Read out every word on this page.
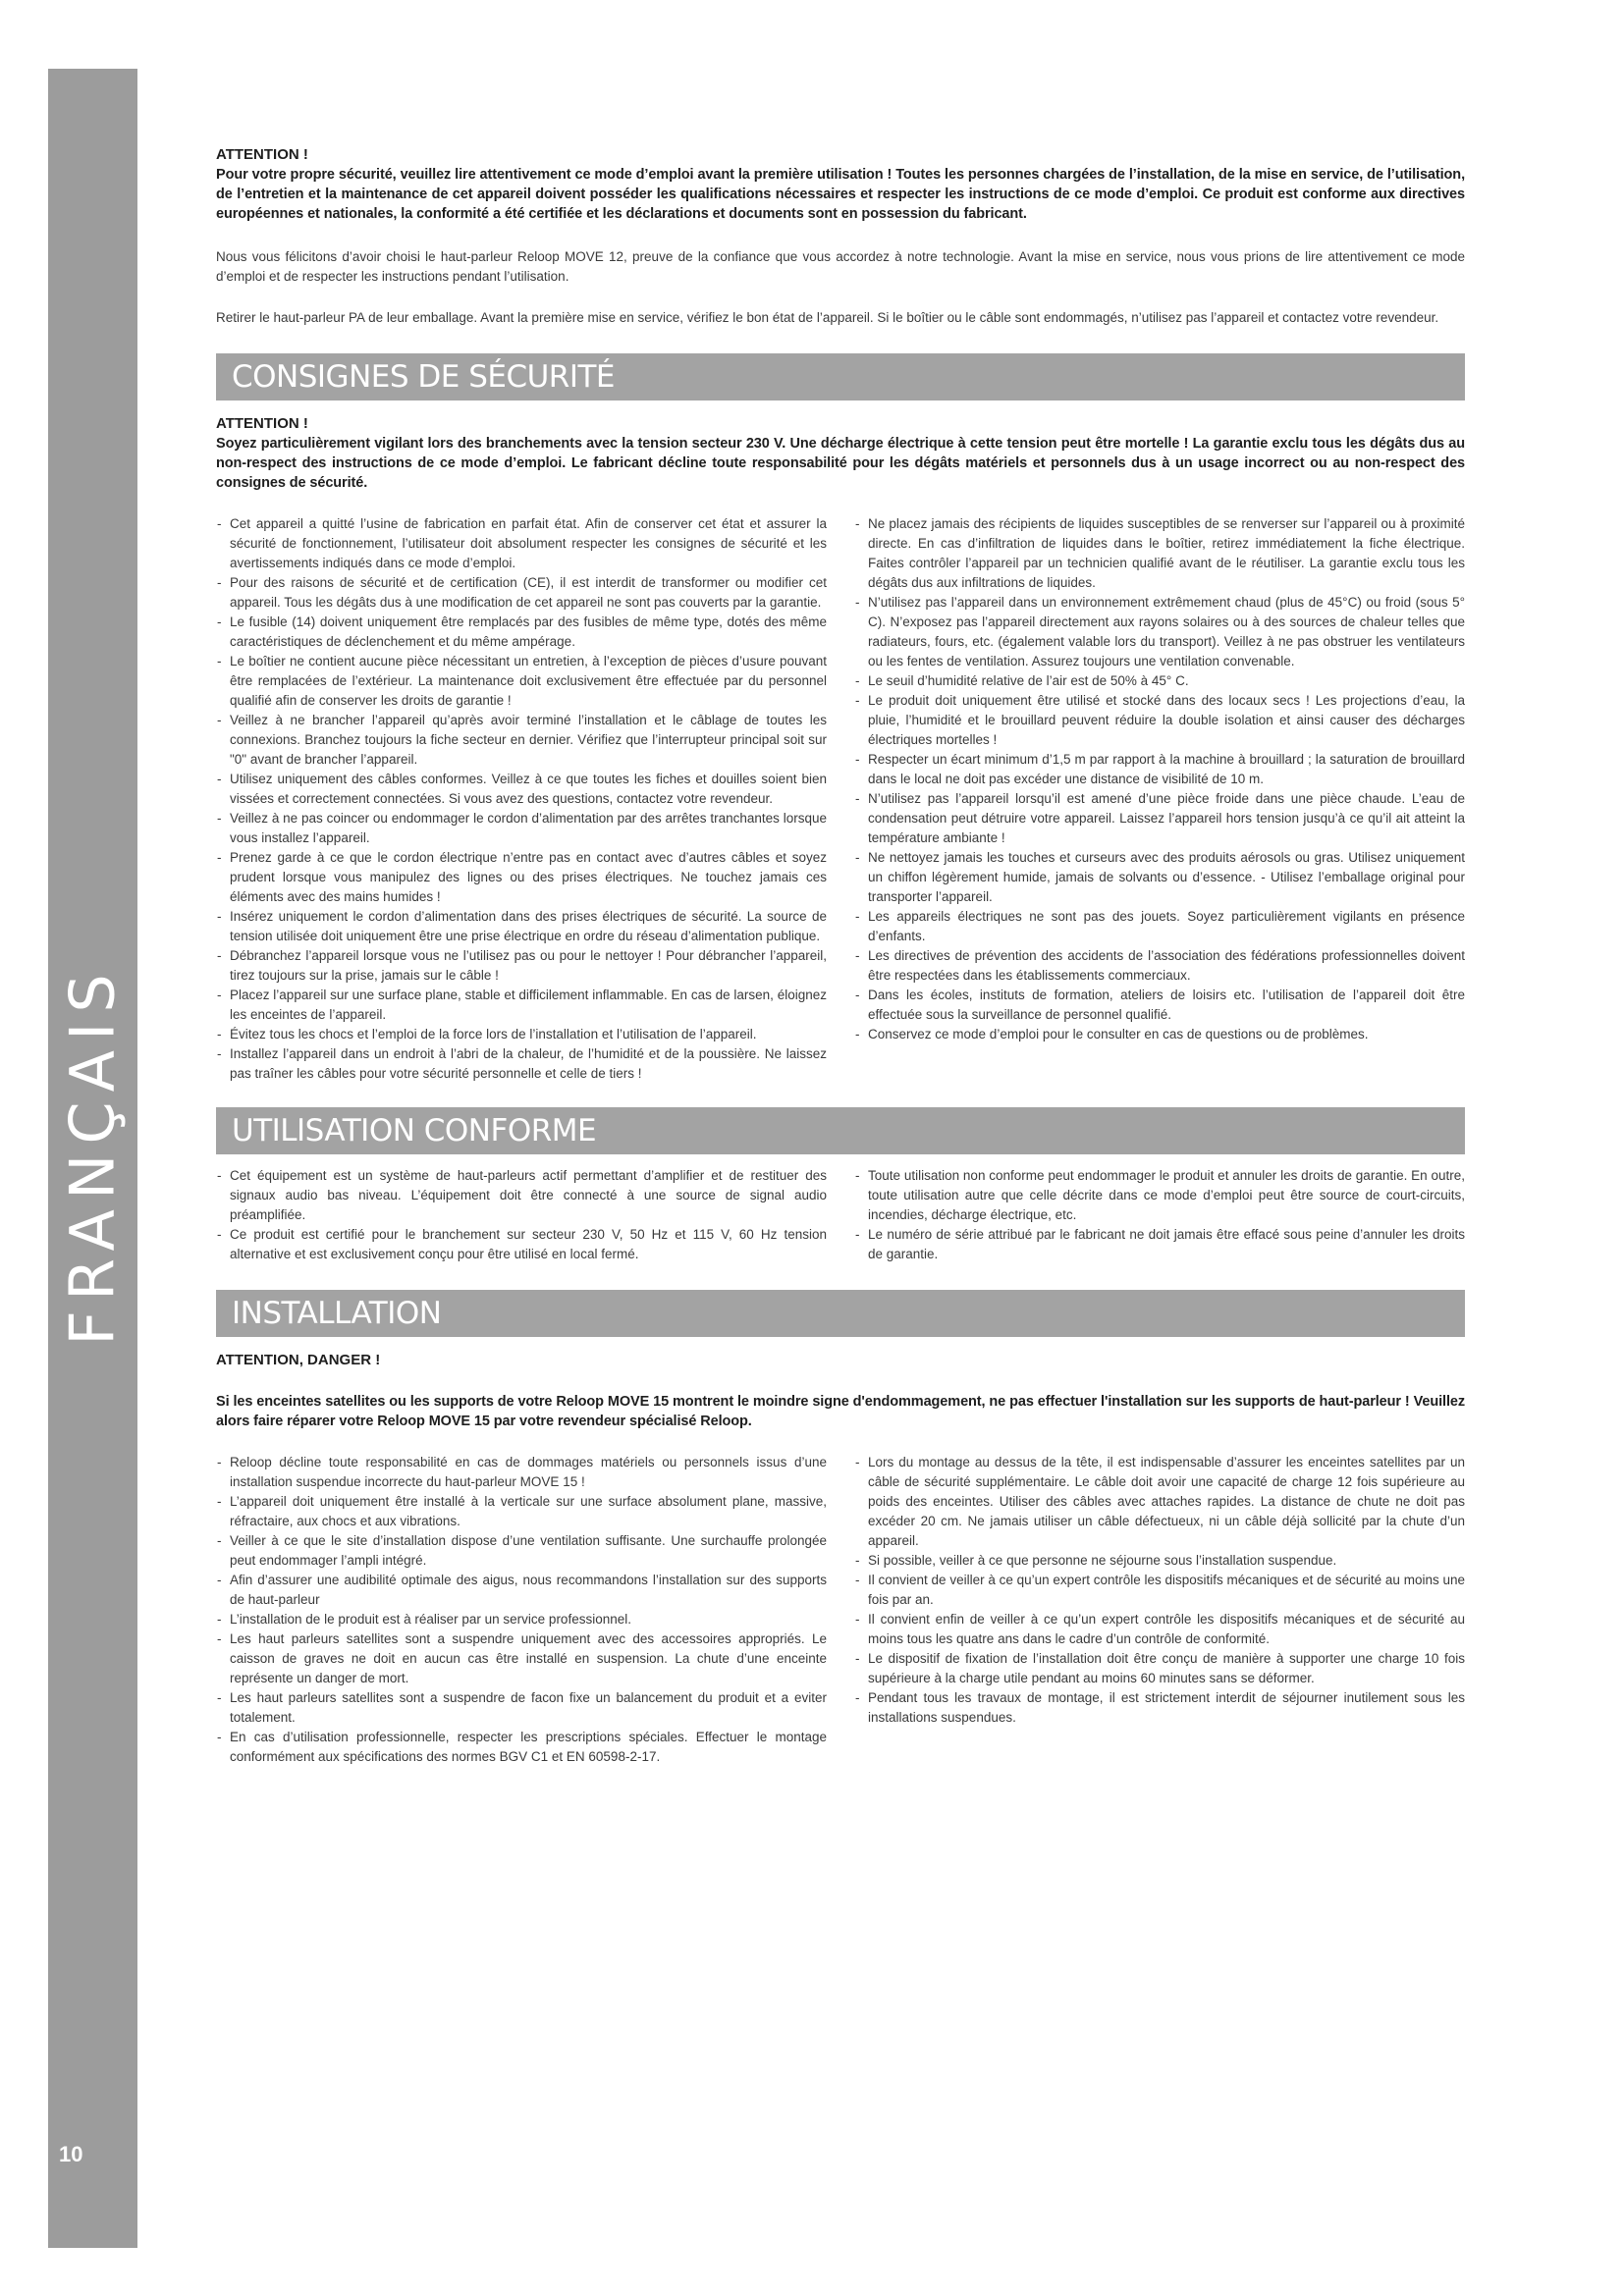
FRANÇAIS
10

ATTENTION !

Pour votre propre sécurité, veuillez lire attentivement ce mode d’emploi avant la première utilisation ! Toutes les personnes chargées de l’installation, de la mise en service, de l’utilisation, de l’entretien et la maintenance de cet appareil doivent posséder les qualifications nécessaires et respecter les instructions de ce mode d’emploi. Ce produit est conforme aux directives européennes et nationales, la conformité a été certifiée et les déclarations et documents sont en possession du fabricant.

Nous vous félicitons d’avoir choisi le haut-parleur Reloop MOVE 12, preuve de la confiance que vous accordez à notre technologie. Avant la mise en service, nous vous prions de lire attentivement ce mode d’emploi et de respecter les instructions pendant l’utilisation.

Retirer le haut-parleur PA de leur emballage. Avant la première mise en service, vérifiez le bon état de l’appareil. Si le boîtier ou le câble sont endommagés, n’utilisez pas l’appareil et contactez votre revendeur.

CONSIGNES DE SÉCURITÉ

ATTENTION !

Soyez particulièrement vigilant lors des branchements avec la tension secteur 230 V. Une décharge électrique à cette tension peut être mortelle ! La garantie exclu tous les dégâts dus au non-respect des instructions de ce mode d’emploi. Le fabricant décline toute responsabilité pour les dégâts matériels et personnels dus à un usage incorrect ou au non-respect des consignes de sécurité.

- Cet appareil a quitté l’usine de fabrication en parfait état. Afin de conserver cet état et assurer la sécurité de fonctionnement, l’utilisateur doit absolument respecter les consignes de sécurité et les avertissements indiqués dans ce mode d’emploi.
- Pour des raisons de sécurité et de certification (CE), il est interdit de transformer ou modifier cet appareil. Tous les dégâts dus à une modification de cet appareil ne sont pas couverts par la garantie.
- Le fusible (14) doivent uniquement être remplacés par des fusibles de même type, dotés des même caractéristiques de déclenchement et du même ampérage.
- Le boîtier ne contient aucune pièce nécessitant un entretien, à l’exception de pièces d’usure pouvant être remplacées de l’extérieur. La maintenance doit exclusivement être effectuée par du personnel qualifié afin de conserver les droits de garantie !
- Veillez à ne brancher l’appareil qu’après avoir terminé l’installation et le câblage de toutes les connexions. Branchez toujours la fiche secteur en dernier. Vérifiez que l’interrupteur principal soit sur "0" avant de brancher l’appareil.
- Utilisez uniquement des câbles conformes. Veillez à ce que toutes les fiches et douilles soient bien vissées et correctement connectées. Si vous avez des questions, contactez votre revendeur.
- Veillez à ne pas coincer ou endommager le cordon d’alimentation par des arrêtes tranchantes lorsque vous installez l’appareil.
- Prenez garde à ce que le cordon électrique n’entre pas en contact avec d’autres câbles et soyez prudent lorsque vous manipulez des lignes ou des prises électriques. Ne touchez jamais ces éléments avec des mains humides !
- Insérez uniquement le cordon d’alimentation dans des prises électriques de sécurité. La source de tension utilisée doit uniquement être une prise électrique en ordre du réseau d’alimentation publique.
- Débranchez l’appareil lorsque vous ne l’utilisez pas ou pour le nettoyer ! Pour débrancher l’appareil, tirez toujours sur la prise, jamais sur le câble !
- Placez l’appareil sur une surface plane, stable et difficilement inflammable. En cas de larsen, éloignez les enceintes de l’appareil.
- Évitez tous les chocs et l’emploi de la force lors de l’installation et l’utilisation de l’appareil.
- Installez l’appareil dans un endroit à l’abri de la chaleur, de l’humidité et de la poussière. Ne laissez pas traîner les câbles pour votre sécurité personnelle et celle de tiers !
- Ne placez jamais des récipients de liquides susceptibles de se renverser sur l’appareil ou à proximité directe. En cas d’infiltration de liquides dans le boîtier, retirez immédiatement la fiche électrique. Faites contrôler l’appareil par un technicien qualifié avant de le réutiliser. La garantie exclu tous les dégâts dus aux infiltrations de liquides.
- N’utilisez pas l’appareil dans un environnement extrêmement chaud (plus de 45°C) ou froid (sous 5° C). N’exposez pas l’appareil directement aux rayons solaires ou à des sources de chaleur telles que radiateurs, fours, etc. (également valable lors du transport). Veillez à ne pas obstruer les ventilateurs ou les fentes de ventilation. Assurez toujours une ventilation convenable.
- Le seuil d’humidité relative de l’air est de 50% à 45° C.
- Le produit doit uniquement être utilisé et stocké dans des locaux secs ! Les projections d’eau, la pluie, l’humidité et le brouillard peuvent réduire la double isolation et ainsi causer des décharges électriques mortelles !
- Respecter un écart minimum d’1,5 m par rapport à la machine à brouillard ; la saturation de brouillard dans le local ne doit pas excéder une distance de visibilité de 10 m.
- N’utilisez pas l’appareil lorsqu’il est amené d’une pièce froide dans une pièce chaude. L’eau de condensation peut détruire votre appareil. Laissez l’appareil hors tension jusqu’à ce qu’il ait atteint la température ambiante !
- Ne nettoyez jamais les touches et curseurs avec des produits aérosols ou gras. Utilisez uniquement un chiffon légèrement humide, jamais de solvants ou d’essence. - Utilisez l’emballage original pour transporter l’appareil.
- Les appareils électriques ne sont pas des jouets. Soyez particulièrement vigilants en présence d’enfants.
- Les directives de prévention des accidents de l’association des fédérations professionnelles doivent être respectées dans les établissements commerciaux.
- Dans les écoles, instituts de formation, ateliers de loisirs etc. l’utilisation de l’appareil doit être effectuée sous la surveillance de personnel qualifié.
- Conservez ce mode d’emploi pour le consulter en cas de questions ou de problèmes.
UTILISATION CONFORME
- Cet équipement est un système de haut-parleurs actif permettant d’amplifier et de restituer des signaux audio bas niveau. L’équipement doit être connecté à une source de signal audio préamplifiée.
- Ce produit est certifié pour le branchement sur secteur 230 V, 50 Hz et 115 V, 60 Hz tension alternative et est exclusivement conçu pour être utilisé en local fermé.
- Toute utilisation non conforme peut endommager le produit et annuler les droits de garantie. En outre, toute utilisation autre que celle décrite dans ce mode d’emploi peut être source de court-circuits, incendies, décharge électrique, etc.
- Le numéro de série attribué par le fabricant ne doit jamais être effacé sous peine d’annuler les droits de garantie.
INSTALLATION

ATTENTION, DANGER !

Si les enceintes satellites ou les supports de votre Reloop MOVE 15 montrent le moindre signe d'endommagement, ne pas effectuer l'installation sur les supports de haut-parleur ! Veuillez alors faire réparer votre Reloop MOVE 15 par votre revendeur spécialisé Reloop.

- Reloop décline toute responsabilité en cas de dommages matériels ou personnels issus d’une installation suspendue incorrecte du haut-parleur MOVE 15 !
- L’appareil doit uniquement être installé à la verticale sur une surface absolument plane, massive, réfractaire, aux chocs et aux vibrations.
- Veiller à ce que le site d’installation dispose d’une ventilation suffisante. Une surchauffe prolongée peut endommager l’ampli intégré.
- Afin d’assurer une audibilité optimale des aigus, nous recommandons l’installation sur des supports de haut-parleur
- L’installation de le produit est à réaliser par un service professionnel.
- Les haut parleurs satellites sont a suspendre uniquement avec des accessoires appropriés. Le caisson de graves ne doit en aucun cas être installé en suspension. La chute d’une enceinte représente un danger de mort.
- Les haut parleurs satellites sont a suspendre de facon fixe un balancement du produit et a eviter totalement.
- En cas d’utilisation professionnelle, respecter les prescriptions spéciales. Effectuer le montage conformément aux spécifications des normes BGV C1 et EN 60598-2-17.
- Lors du montage au dessus de la tête, il est indispensable d’assurer les enceintes satellites par un câble de sécurité supplémentaire. Le câble doit avoir une capacité de charge 12 fois supérieure au poids des enceintes. Utiliser des câbles avec attaches rapides. La distance de chute ne doit pas excéder 20 cm. Ne jamais utiliser un câble défectueux, ni un câble déjà sollicité par la chute d’un appareil.
- Si possible, veiller à ce que personne ne séjourne sous l’installation suspendue.
- Il convient de veiller à ce qu’un expert contrôle les dispositifs mécaniques et de sécurité au moins une fois par an.
- Il convient enfin de veiller à ce qu’un expert contrôle les dispositifs mécaniques et de sécurité au moins tous les quatre ans dans le cadre d’un contrôle de conformité.
- Le dispositif de fixation de l’installation doit être conçu de manière à supporter une charge 10 fois supérieure à la charge utile pendant au moins 60 minutes sans se déformer.
- Pendant tous les travaux de montage, il est strictement interdit de séjourner inutilement sous les installations suspendues.
